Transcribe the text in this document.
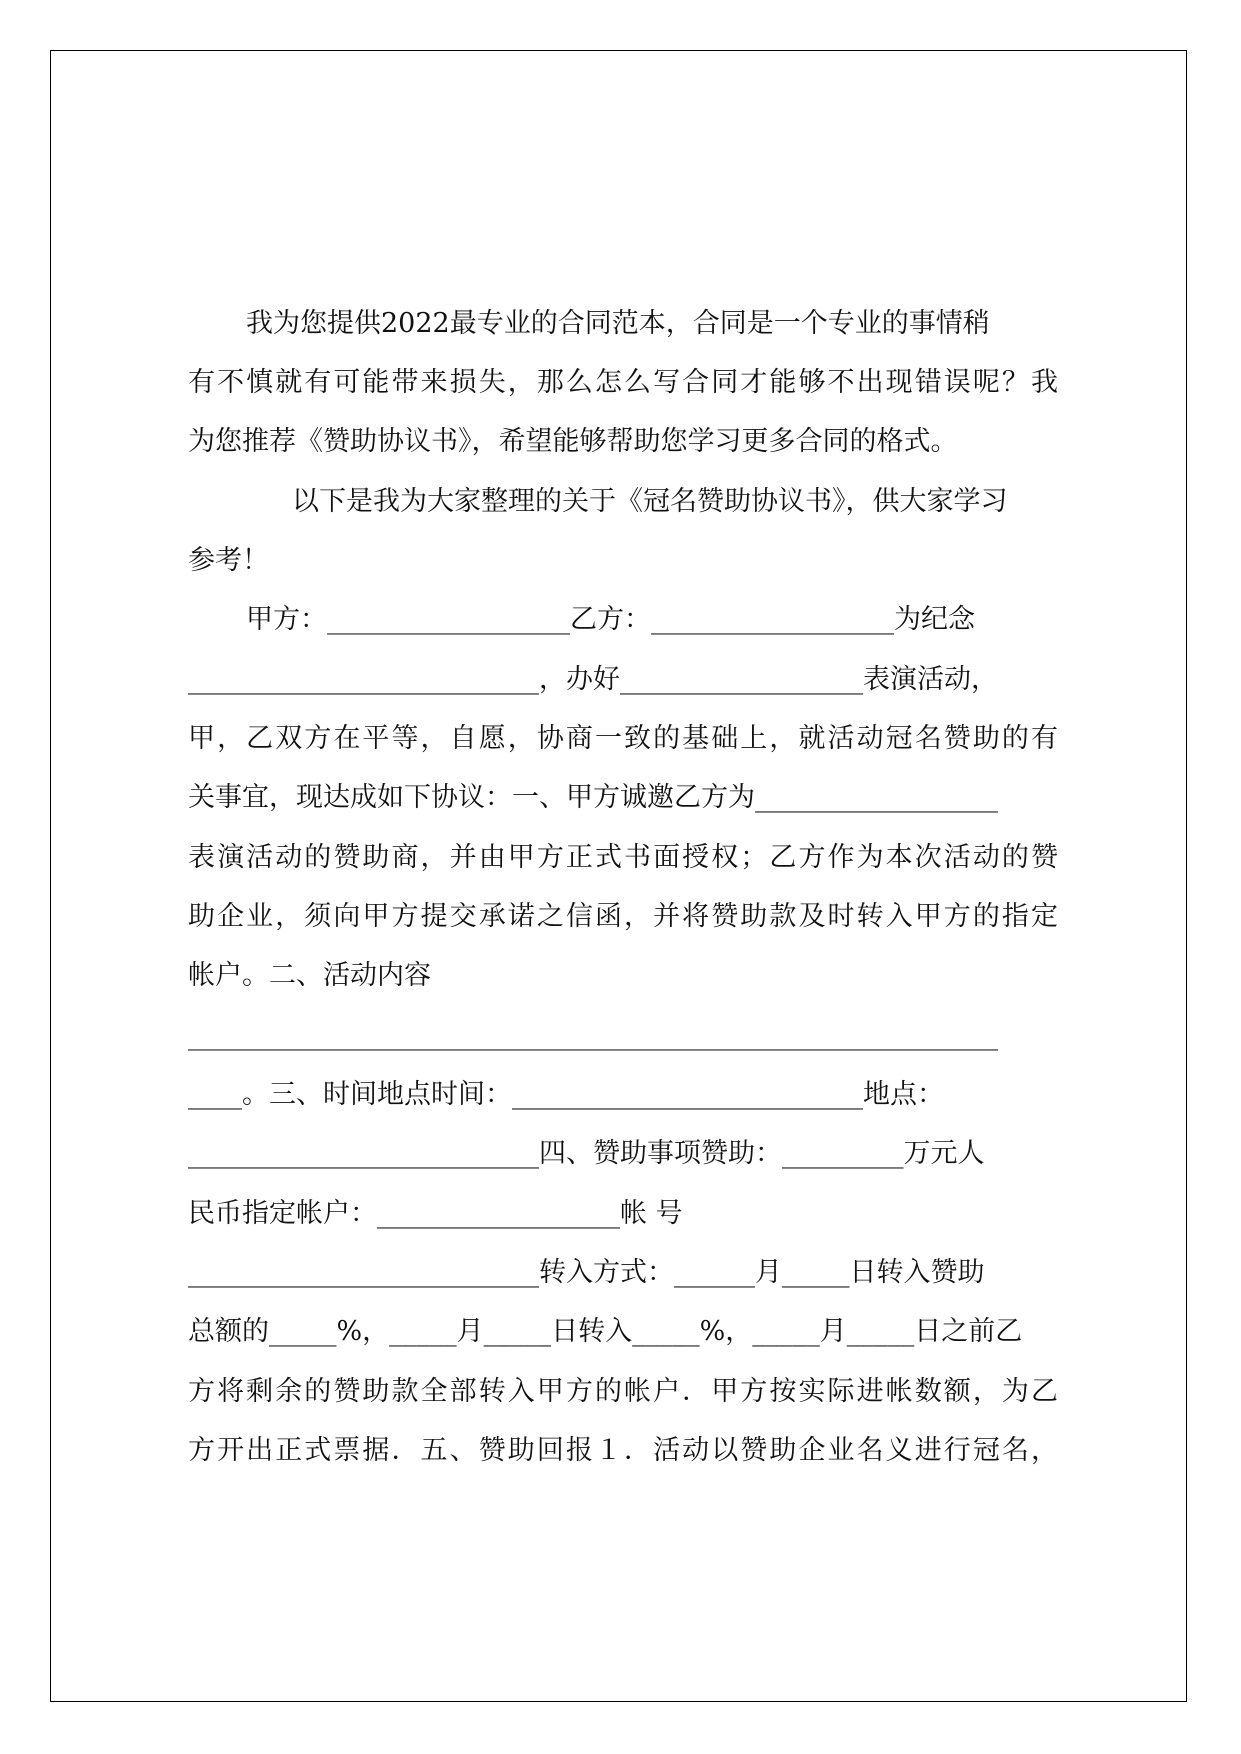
我为您提供2022最专业的合同范本，合同是一个专业的事情稍
有不慎就有可能带来损失，那么怎么写合同才能够不出现错误呢？我
为您推荐《赞助协议书》，希望能够帮助您学习更多合同的格式。
以下是我为大家整理的关于《冠名赞助协议书》，供大家学习
参考！
甲方：__________________乙方：__________________为纪念
__________________________，办好__________________表演活动，
甲，乙双方在平等，自愿，协商一致的基础上，就活动冠名赞助的有
关事宜，现达成如下协议：一、甲方诚邀乙方为__________________
表演活动的赞助商，并由甲方正式书面授权；乙方作为本次活动的赞
助企业，须向甲方提交承诺之信函，并将赞助款及时转入甲方的指定
帐户。二、活动内容
____________________________________________________________
____。三、时间地点时间：__________________________地点：
__________________________四、赞助事项赞助：_________万元人
民币指定帐户：__________________帐 号
__________________________转入方式：______月_____日转入赞助
总额的_____%，_____月_____日转入_____%，_____月_____日之前乙
方将剩余的赞助款全部转入甲方的帐户．甲方按实际进帐数额，为乙
方开出正式票据．五、赞助回报１．活动以赞助企业名义进行冠名，
